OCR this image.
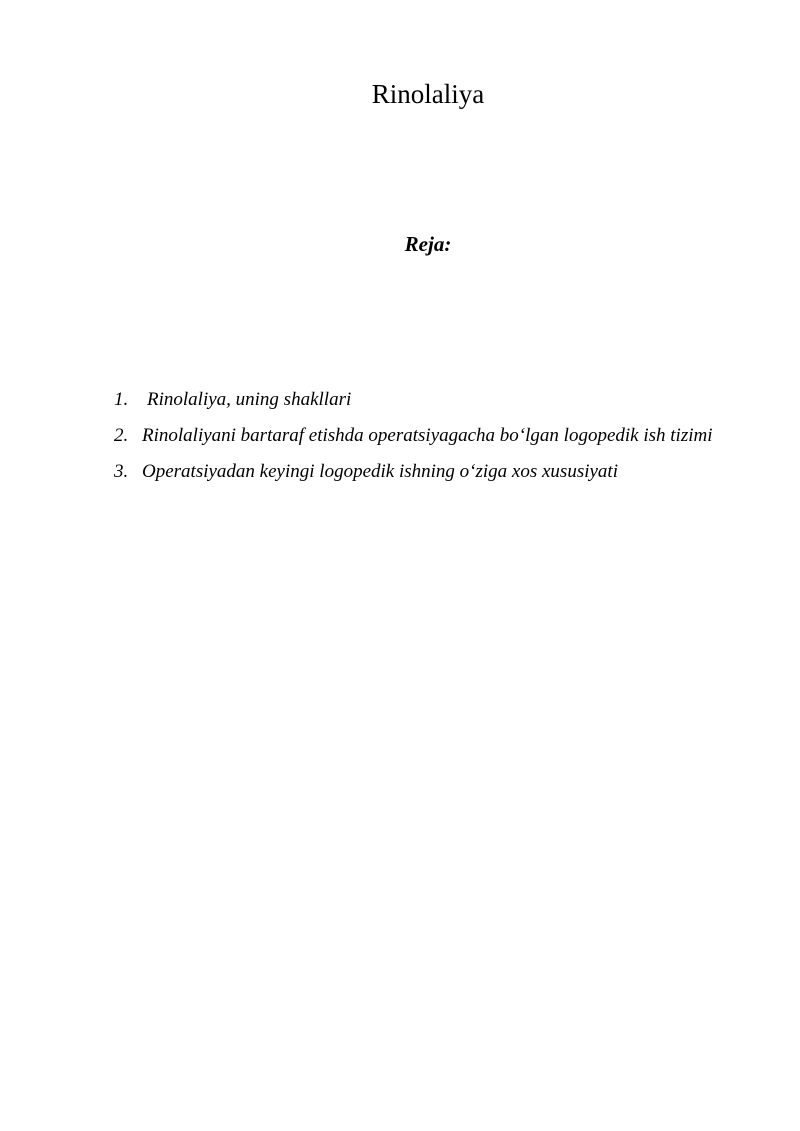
Rinolaliya
Reja:
1. Rinolaliya, uning shakllari
2. Rinolaliyani bartaraf etishda operatsiyagacha bo‘lgan logopedik ish tizimi
3. Operatsiyadan keyingi logopedik ishning o‘ziga xos xususiyati
